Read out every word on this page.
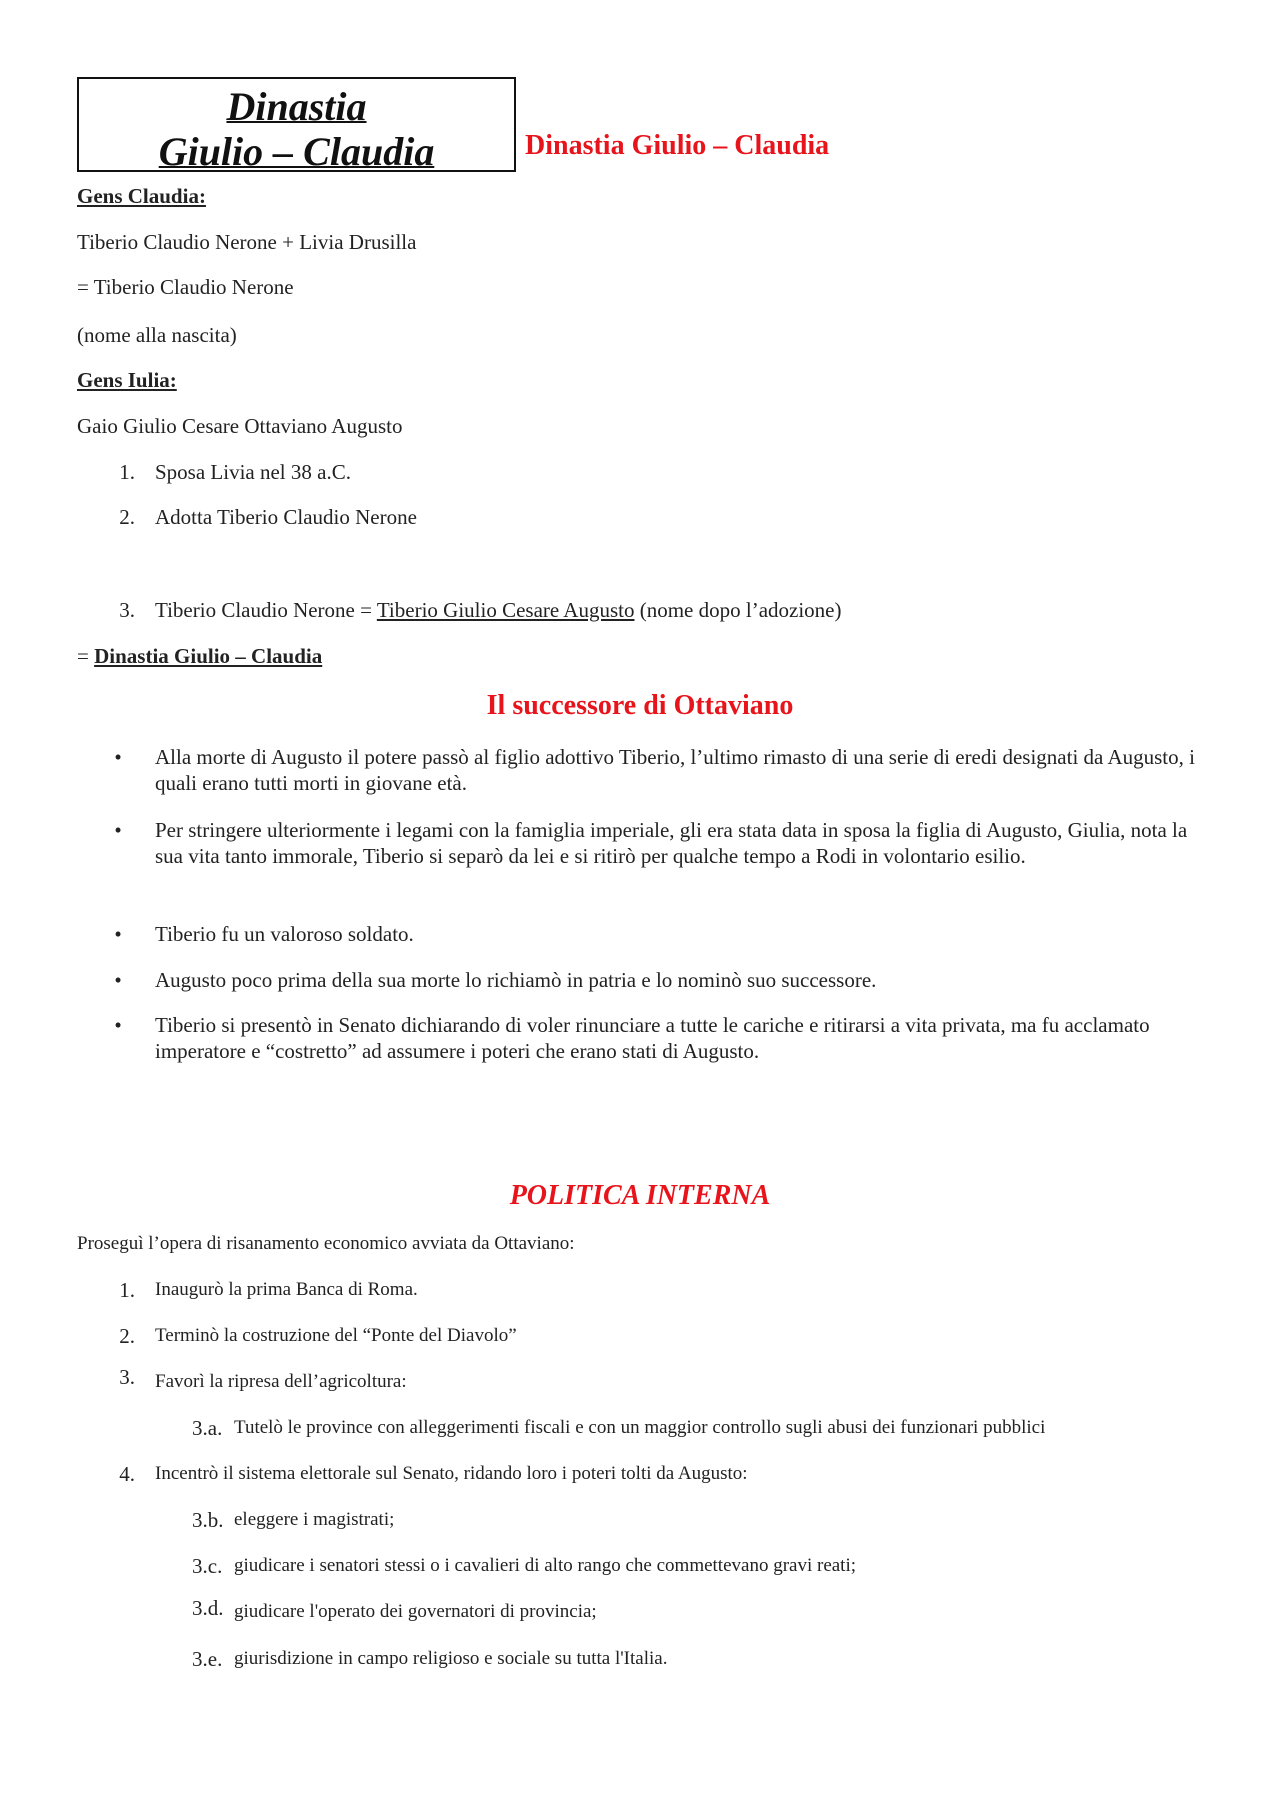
Dinastia
Giulio – Claudia	Dinastia Giulio – Claudia
Gens Claudia:
Tiberio Claudio Nerone + Livia Drusilla
= Tiberio Claudio Nerone
(nome alla nascita)
Gens Iulia:
Gaio Giulio Cesare Ottaviano Augusto
1. Sposa Livia nel 38 a.C.
2. Adotta Tiberio Claudio Nerone
3. Tiberio Claudio Nerone = Tiberio Giulio Cesare Augusto (nome dopo l’adozione)
= Dinastia Giulio – Claudia
Il successore di Ottaviano
•	Alla morte di Augusto il potere passò al figlio adottivo Tiberio, l’ultimo rimasto di una serie di eredi designati da Augusto, i quali erano tutti morti in giovane età.
•	Per stringere ulteriormente i legami con la famiglia imperiale, gli era stata data in sposa la figlia di Augusto, Giulia, nota la sua vita tanto immorale, Tiberio si separò da lei e si ritirò per qualche tempo a Rodi in volontario esilio.
•	Tiberio fu un valoroso soldato.
•	Augusto poco prima della sua morte lo richiamò in patria e lo nominò suo successore.
•	Tiberio si presentò in Senato dichiarando di voler rinunciare a tutte le cariche e ritirarsi a vita privata, ma fu acclamato imperatore e “costretto” ad assumere i poteri che erano stati di Augusto.
POLITICA INTERNA
Proseguì l’opera di risanamento economico avviata da Ottaviano:
1. Inaugurò la prima Banca di Roma.
2. Terminò la costruzione del “Ponte del Diavolo”
3. Favorì la ripresa dell’agricoltura:
3.a. Tutelò le province con alleggerimenti fiscali e con un maggior controllo sugli abusi dei funzionari pubblici
4. Incentrò il sistema elettorale sul Senato, ridando loro i poteri tolti da Augusto:
3.b. eleggere i magistrati;
3.c. giudicare i senatori stessi o i cavalieri di alto rango che commettevano gravi reati;
3.d. giudicare l'operato dei governatori di provincia;
3.e. giurisdizione in campo religioso e sociale su tutta l'Italia.
